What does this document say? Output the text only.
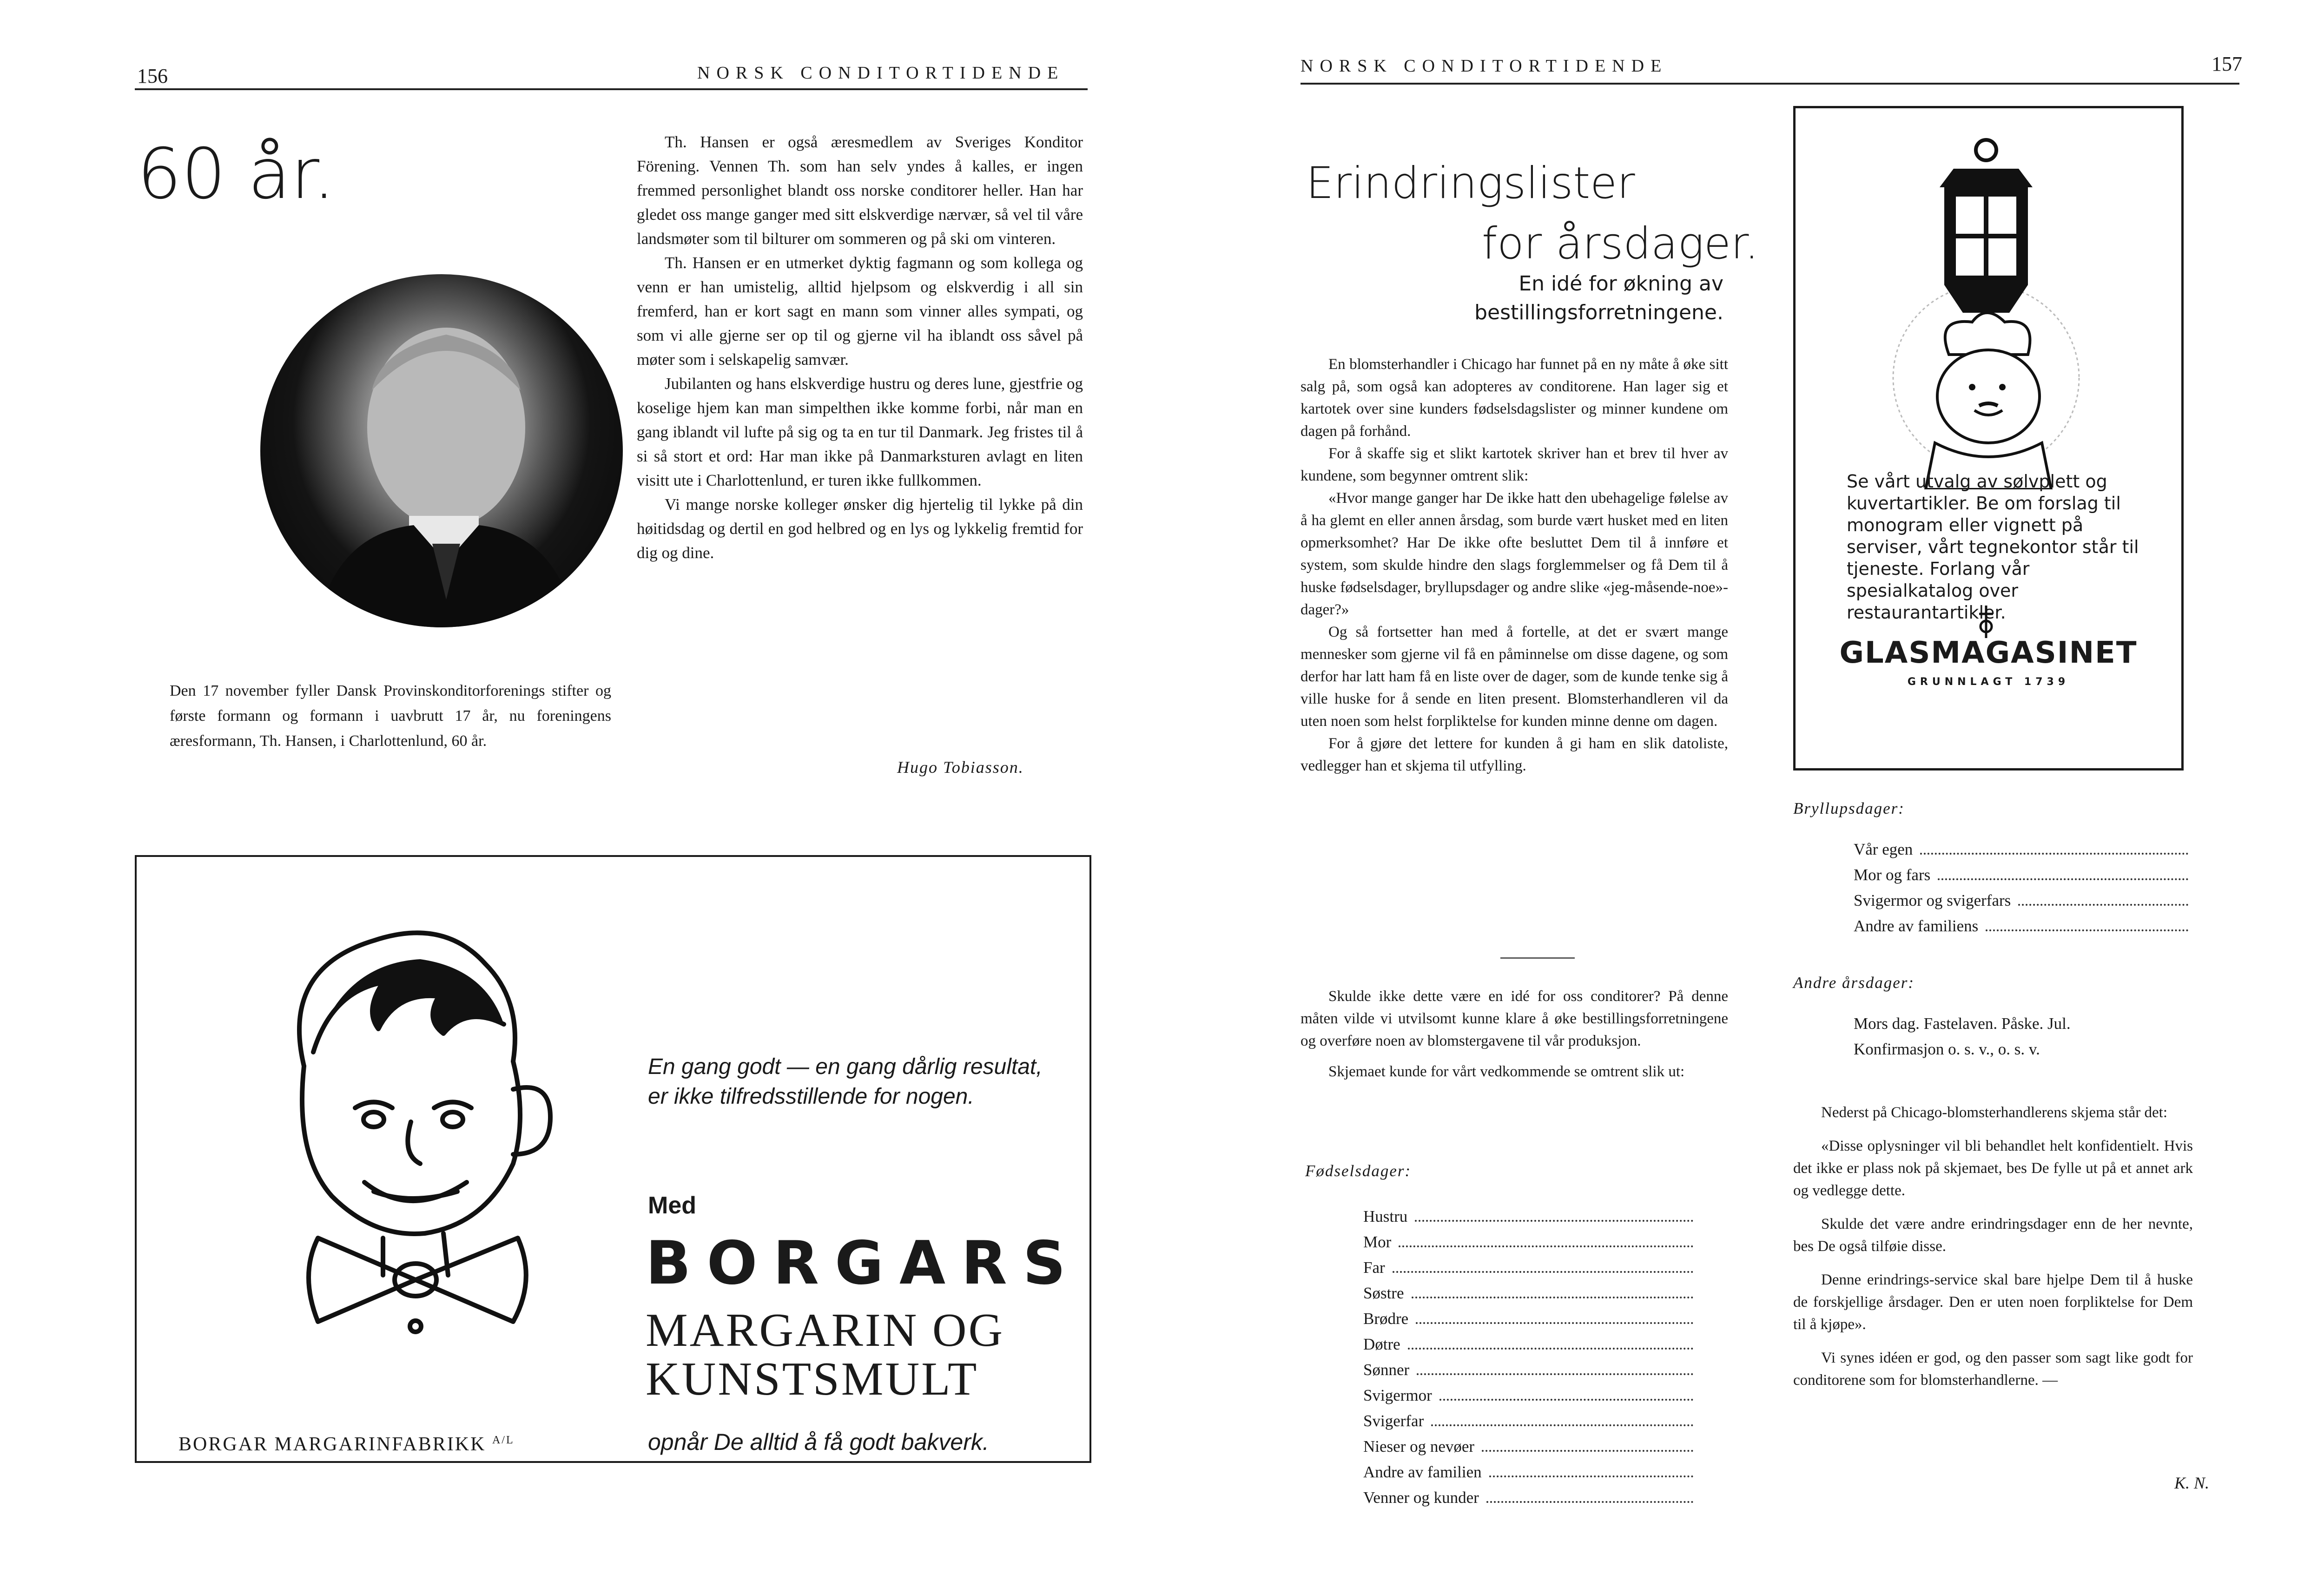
156	NORSK CONDITORTIDENDE
60 år.
Den 17 november fyller Dansk Provinskonditorforenings stifter og første formann og formann i uavbrutt 17 år, nu foreningens æresformann, Th. Hansen, i Charlottenlund, 60 år.

Th. Hansen er også æresmedlem av Sveriges Konditor Förening. Vennen Th. som han selv yndes å kalles, er ingen fremmed personlighet blandt oss norske conditorer heller. Han har gledet oss mange ganger med sitt elskverdige nærvær, så vel til våre landsmøter som til bilturer om sommeren og på ski om vinteren.

Th. Hansen er en utmerket dyktig fagmann og som kollega og venn er han umistelig, alltid hjelpsom og elskverdig i all sin fremferd, han er kort sagt en mann som vinner alles sympati, og som vi alle gjerne ser op til og gjerne vil ha iblandt oss såvel på møter som i selskapelig samvær.

Jubilanten og hans elskverdige hustru og deres lune, gjestfrie og koselige hjem kan man simpelthen ikke komme forbi, når man en gang iblandt vil lufte på sig og ta en tur til Danmark. Jeg fristes til å si så stort et ord: Har man ikke på Danmarksturen avlagt en liten visitt ute i Charlottenlund, er turen ikke fullkommen.

Vi mange norske kolleger ønsker dig hjertelig til lykke på din høitidsdag og dertil en god helbred og en lys og lykkelig fremtid for dig og dine.

Hugo Tobiasson.
BORGAR MARGARINFABRIKK $^{A/L}$
En gang godt — en gang dårlig resultat, er ikke tilfredsstillende for nogen.
Med
BORGARS
MARGARIN OG
KUNSTSMULT
opnår De alltid å få godt bakverk.
NORSK CONDITORTIDENDE	157
Erindringslister
for årsdager.
En idé for økning av bestillingsforretningene.

En blomsterhandler i Chicago har funnet på en ny måte å øke sitt salg på, som også kan adopteres av conditorene. Han lager sig et kartotek over sine kunders fødselsdagslister og minner kundene om dagen på forhånd.

For å skaffe sig et slikt kartotek skriver han et brev til hver av kundene, som begynner omtrent slik:

«Hvor mange ganger har De ikke hatt den ubehagelige følelse av å ha glemt en eller annen årsdag, som burde vært husket med en liten opmerksomhet? Har De ikke ofte besluttet Dem til å innføre et system, som skulde hindre den slags forglemmelser og få Dem til å huske fødselsdager, bryllupsdager og andre slike «jeg-måsende-noe»-dager?»

Og så fortsetter han med å fortelle, at det er svært mange mennesker som gjerne vil få en påminnelse om disse dagene, og som derfor har latt ham få en liste over de dager, som de kunde tenke sig å ville huske for å sende en liten present. Blomsterhandleren vil da uten noen som helst forpliktelse for kunden minne denne om dagen.

For å gjøre det lettere for kunden å gi ham en slik datoliste, vedlegger han et skjema til utfylling.

Skulde ikke dette være en idé for oss conditorer? På denne måten vilde vi utvilsomt kunne klare å øke bestillingsforretningene og overføre noen av blomstergavene til vår produksjon.

Skjemaet kunde for vårt vedkommende se omtrent slik ut:

Fødselsdager:
Hustru
Mor
Far
Søstre
Brødre
Døtre
Sønner
Svigermor
Svigerfar
Nieser og nevøer
Andre av familien
Venner og kunder
Se vårt utvalg av sølvplett og kuvertartikler. Be om forslag til monogram eller vignett på serviser, vårt tegnekontor står til tjeneste. Forlang vår spesialkatalog over restaurantartikler.
GLASMAGASINET
GRUNNLAGT 1739
Bryllupsdager:
Vår egen
Mor og fars
Svigermor og svigerfars
Andre av familiens
Andre årsdager:
Mors dag. Fastelaven. Påske. Jul.
Konfirmasjon o. s. v., o. s. v.

Nederst på Chicago-blomsterhandlerens skjema står det:

«Disse oplysninger vil bli behandlet helt konfidentielt. Hvis det ikke er plass nok på skjemaet, bes De fylle ut på et annet ark og vedlegge dette.

Skulde det være andre erindringsdager enn de her nevnte, bes De også tilføie disse.

Denne erindrings-service skal bare hjelpe Dem til å huske de forskjellige årsdager. Den er uten noen forpliktelse for Dem til å kjøpe».

Vi synes idéen er god, og den passer som sagt like godt for conditorene som for blomsterhandlerne. —

K. N.
